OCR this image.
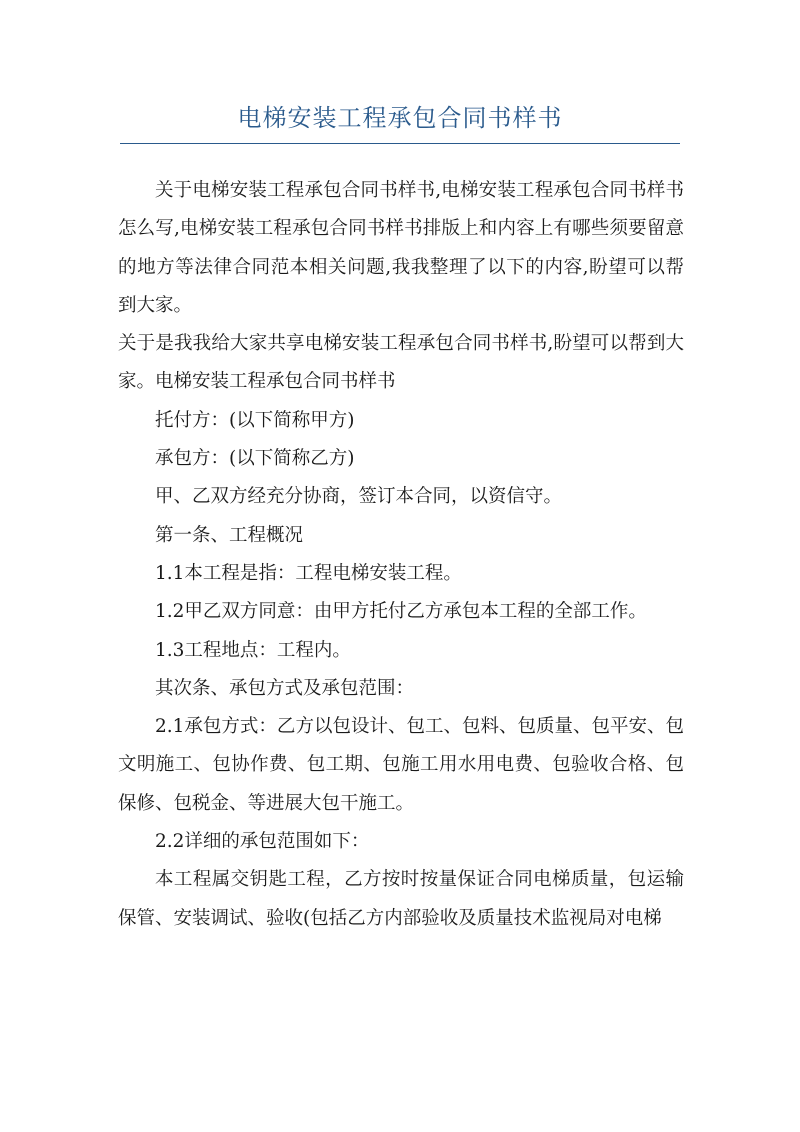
电梯安装工程承包合同书样书

关于电梯安装工程承包合同书样书,电梯安装工程承包合同书样书怎么写,电梯安装工程承包合同书样书排版上和内容上有哪些须要留意的地方等法律合同范本相关问题,我我整理了以下的内容,盼望可以帮到大家。

关于是我我给大家共享电梯安装工程承包合同书样书,盼望可以帮到大家。电梯安装工程承包合同书样书

托付方：(以下简称甲方)

承包方：(以下简称乙方)

甲、乙双方经充分协商，签订本合同，以资信守。

第一条、工程概况

1.1本工程是指：工程电梯安装工程。

1.2甲乙双方同意：由甲方托付乙方承包本工程的全部工作。

1.3工程地点：工程内。

其次条、承包方式及承包范围：

2.1承包方式：乙方以包设计、包工、包料、包质量、包平安、包文明施工、包协作费、包工期、包施工用水用电费、包验收合格、包保修、包税金、等进展大包干施工。

2.2详细的承包范围如下：

本工程属交钥匙工程，乙方按时按量保证合同电梯质量，包运输保管、安装调试、验收(包括乙方内部验收及质量技术监视局对电梯
